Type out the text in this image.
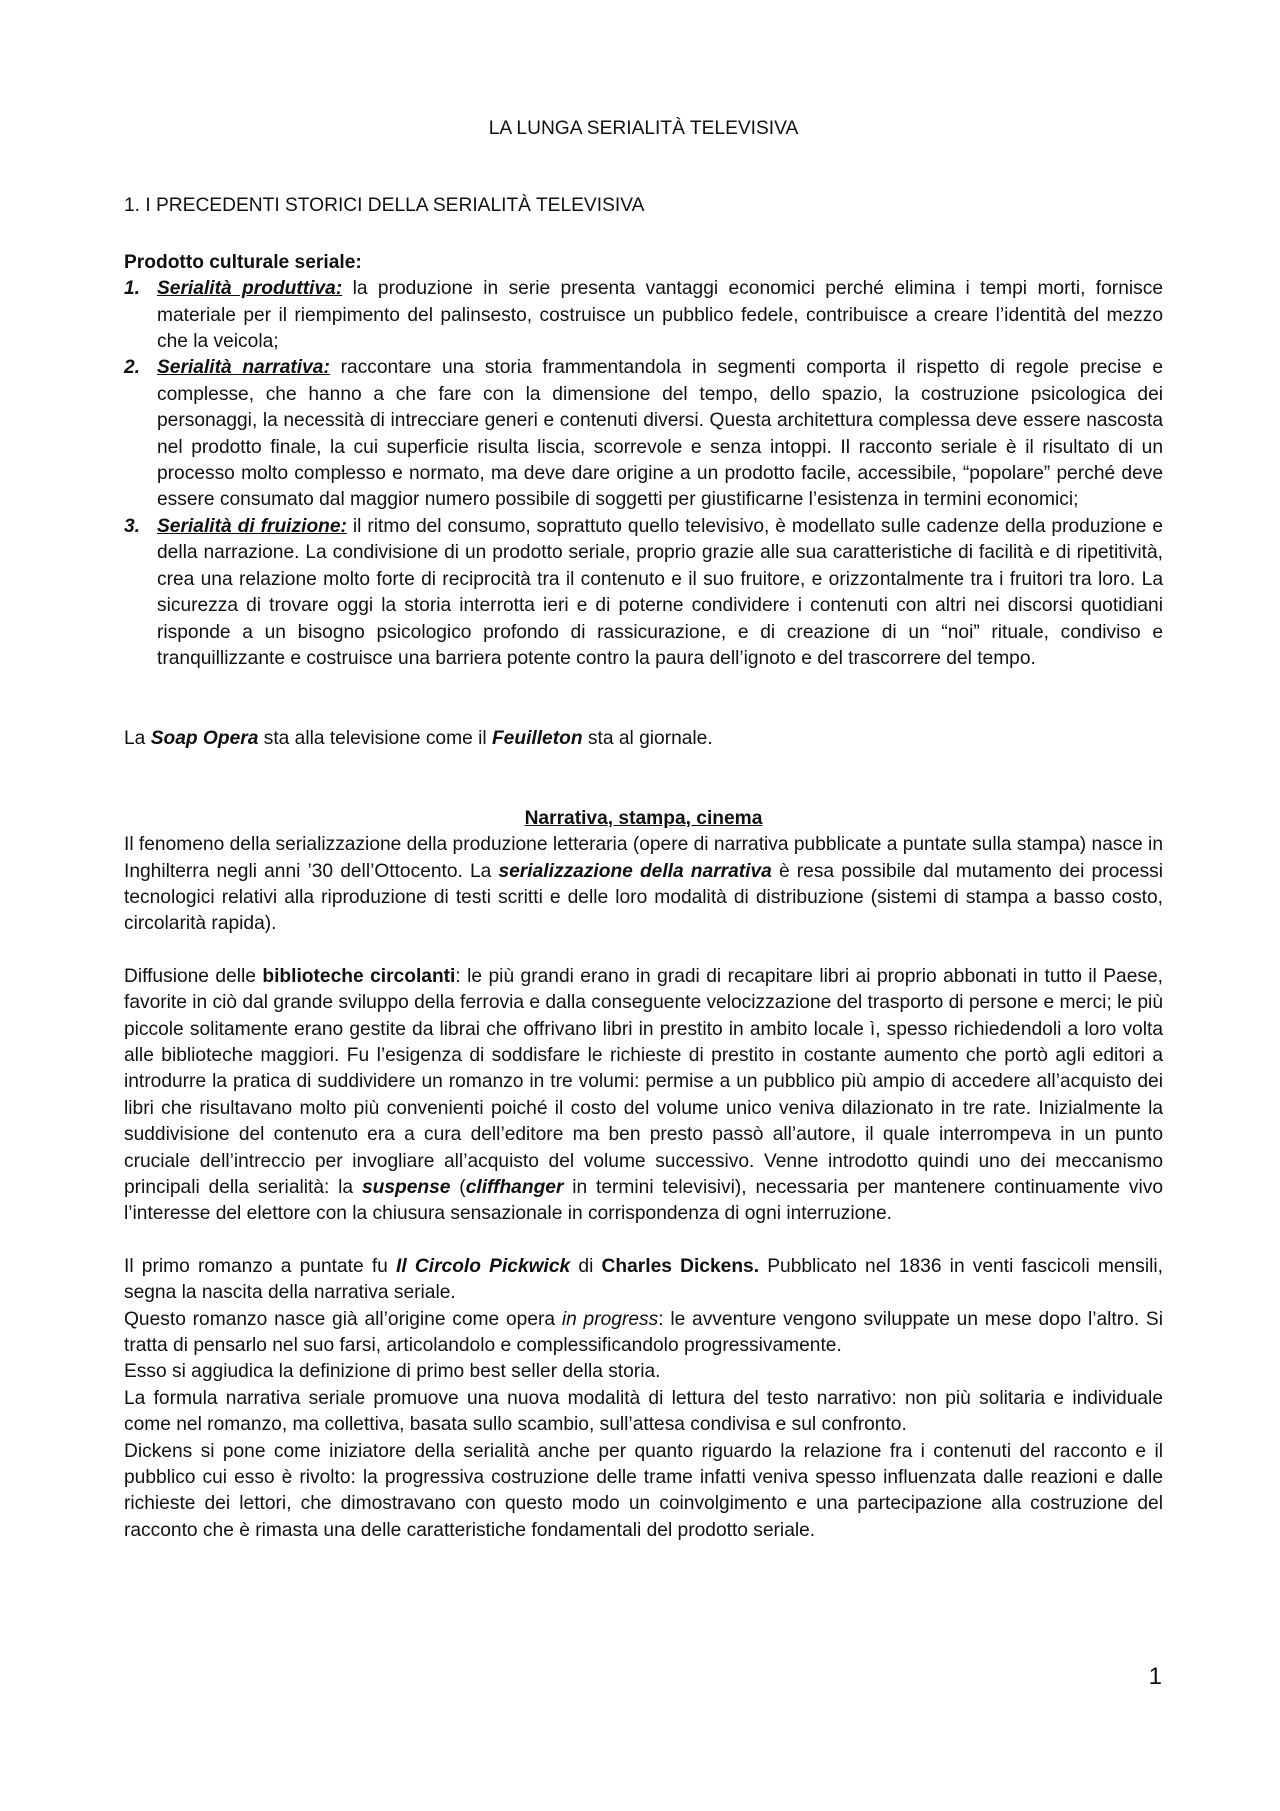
LA LUNGA SERIALITÀ TELEVISIVA

1. I PRECEDENTI STORICI DELLA SERIALITÀ TELEVISIVA

Prodotto culturale seriale:

1. Serialità produttiva: la produzione in serie presenta vantaggi economici perché elimina i tempi morti, fornisce materiale per il riempimento del palinsesto, costruisce un pubblico fedele, contribuisce a creare l’identità del mezzo che la veicola;
2. Serialità narrativa: raccontare una storia frammentandola in segmenti comporta il rispetto di regole precise e complesse, che hanno a che fare con la dimensione del tempo, dello spazio, la costruzione psicologica dei personaggi, la necessità di intrecciare generi e contenuti diversi. Questa architettura complessa deve essere nascosta nel prodotto finale, la cui superficie risulta liscia, scorrevole e senza intoppi. Il racconto seriale è il risultato di un processo molto complesso e normato, ma deve dare origine a un prodotto facile, accessibile, “popolare” perché deve essere consumato dal maggior numero possibile di soggetti per giustificarne l’esistenza in termini economici;
3. Serialità di fruizione: il ritmo del consumo, soprattuto quello televisivo, è modellato sulle cadenze della produzione e della narrazione. La condivisione di un prodotto seriale, proprio grazie alle sua caratteristiche di facilità e di ripetitività, crea una relazione molto forte di reciprocità tra il contenuto e il suo fruitore, e orizzontalmente tra i fruitori tra loro. La sicurezza di trovare oggi la storia interrotta ieri e di poterne condividere i contenuti con altri nei discorsi quotidiani risponde a un bisogno psicologico profondo di rassicurazione, e di creazione di un “noi” rituale, condiviso e tranquillizzante e costruisce una barriera potente contro la paura dell’ignoto e del trascorrere del tempo.

La Soap Opera sta alla televisione come il Feuilleton sta al giornale.

Narrativa, stampa, cinema

Il fenomeno della serializzazione della produzione letteraria (opere di narrativa pubblicate a puntate sulla stampa) nasce in Inghilterra negli anni ’30 dell’Ottocento. La serializzazione della narrativa è resa possibile dal mutamento dei processi tecnologici relativi alla riproduzione di testi scritti e delle loro modalità di distribuzione (sistemi di stampa a basso costo, circolarità rapida).

Diffusione delle biblioteche circolanti: le più grandi erano in gradi di recapitare libri ai proprio abbonati in tutto il Paese, favorite in ciò dal grande sviluppo della ferrovia e dalla conseguente velocizzazione del trasporto di persone e merci; le più piccole solitamente erano gestite da librai che offrivano libri in prestito in ambito locale ì, spesso richiedendoli a loro volta alle biblioteche maggiori. Fu l’esigenza di soddisfare le richieste di prestito in costante aumento che portò agli editori a introdurre la pratica di suddividere un romanzo in tre volumi: permise a un pubblico più ampio di accedere all’acquisto dei libri che risultavano molto più convenienti poiché il costo del volume unico veniva dilazionato in tre rate. Inizialmente la suddivisione del contenuto era a cura dell’editore ma ben presto passò all’autore, il quale interrompeva in un punto cruciale dell’intreccio per invogliare all’acquisto del volume successivo. Venne introdotto quindi uno dei meccanismo principali della serialità: la suspense (cliffhanger in termini televisivi), necessaria per mantenere continuamente vivo l’interesse del elettore con la chiusura sensazionale in corrispondenza di ogni interruzione.

Il primo romanzo a puntate fu Il Circolo Pickwick di Charles Dickens. Pubblicato nel 1836 in venti fascicoli mensili, segna la nascita della narrativa seriale.

Questo romanzo nasce già all’origine come opera in progress: le avventure vengono sviluppate un mese dopo l’altro. Si tratta di pensarlo nel suo farsi, articolandolo e complessificandolo progressivamente.

Esso si aggiudica la definizione di primo best seller della storia.

La formula narrativa seriale promuove una nuova modalità di lettura del testo narrativo: non più solitaria e individuale come nel romanzo, ma collettiva, basata sullo scambio, sull’attesa condivisa e sul confronto.

Dickens si pone come iniziatore della serialità anche per quanto riguardo la relazione fra i contenuti del racconto e il pubblico cui esso è rivolto: la progressiva costruzione delle trame infatti veniva spesso influenzata dalle reazioni e dalle richieste dei lettori, che dimostravano con questo modo un coinvolgimento e una partecipazione alla costruzione del racconto che è rimasta una delle caratteristiche fondamentali del prodotto seriale.

1
